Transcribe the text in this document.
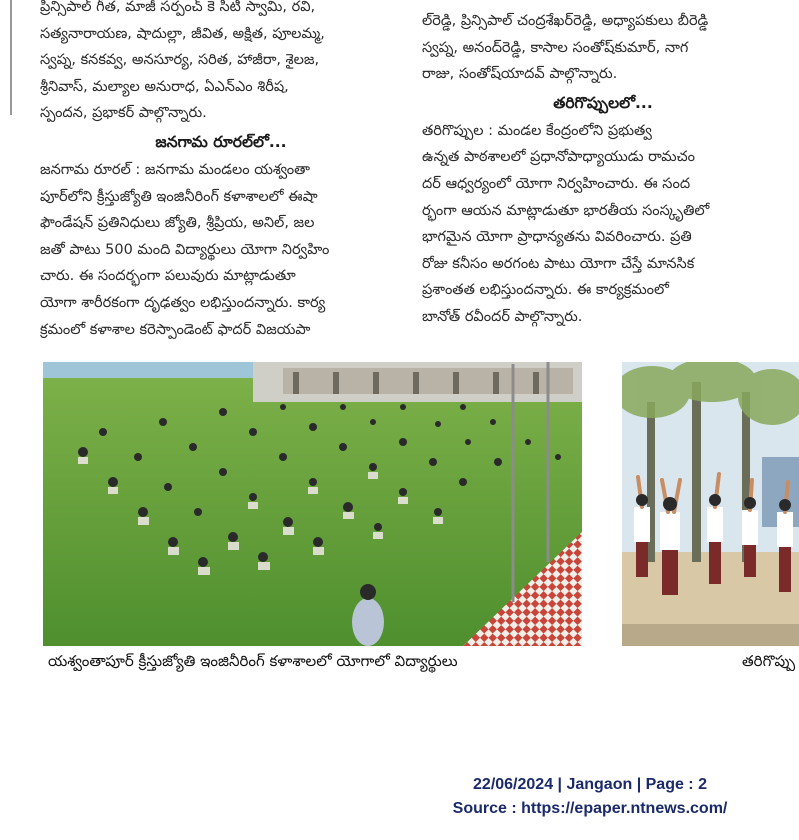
ప్రిన్సిపాల్ గీత, మాజీ సర్పంచ్ కె సిటీ స్వామి, రవి,
సత్యనారాయణ, షాదుల్లా, జీవిత, అక్షిత, పూలమ్మ,
స్వప్న, కనకవ్వ, అనసూర్య, సరిత, హాజీరా, శైలజ,
శ్రీనివాస్, మల్యాల అనురాధ, ఏఎన్ఎం శిరీష,
స్పందన, ప్రభాకర్ పాల్గొన్నారు.
జనగామ రూరల్‌లో...
జనగామ రూరల్ : జనగామ మండలం యశ్వంతా
పూర్‌లోని క్రీస్తుజ్యోతి ఇంజినీరింగ్ కళాశాలలో ఈషా
ఫౌండేషన్ ప్రతినిధులు జ్యోతి, శ్రీప్రియ, అనిల్, జల
జతో పాటు 500 మంది విద్యార్థులు యోగా నిర్వహిం
చారు. ఈ సందర్భంగా పలువురు మాట్లాడుతూ
యోగా శారీరకంగా దృఢత్వం లభిస్తుందన్నారు. కార్య
క్రమంలో కళాశాల కరెస్పాండెంట్ ఫాదర్ విజయపా
ల్‌రెడ్డి, ప్రిన్సిపాల్ చంద్రశేఖర్‌రెడ్డి, అధ్యాపకులు బీరెడ్డి
స్వప్న, అనంద్‌రెడ్డి, కాసాల సంతోష్‌కుమార్, నాగ
రాజు, సంతోష్‌యాదవ్ పాల్గొన్నారు.
తరిగొప్పులలో...
తరిగొప్పుల : మండల కేంద్రంలోని ప్రభుత్వ
ఉన్నత పాఠశాలలో ప్రధానోపాధ్యాయుడు రామచం
దర్ ఆధ్వర్యంలో యోగా నిర్వహించారు. ఈ సంద
ర్భంగా ఆయన మాట్లాడుతూ భారతీయ సంస్కృతిలో
భాగమైన యోగా ప్రాధాన్యతను వివరించారు. ప్రతి
రోజు కనీసం అరగంట పాటు యోగా చేస్తే మానసిక
ప్రశాంతత లభిస్తుందన్నారు. ఈ కార్యక్రమంలో
బానోత్ రవీందర్ పాల్గొన్నారు.
యశ్వంతాపూర్ క్రీస్తుజ్యోతి ఇంజినీరింగ్ కళాశాలలో యోగాలో విద్యార్థులు	తరిగొప్పు
22/06/2024 | Jangaon | Page : 2
Source : https://epaper.ntnews.com/
